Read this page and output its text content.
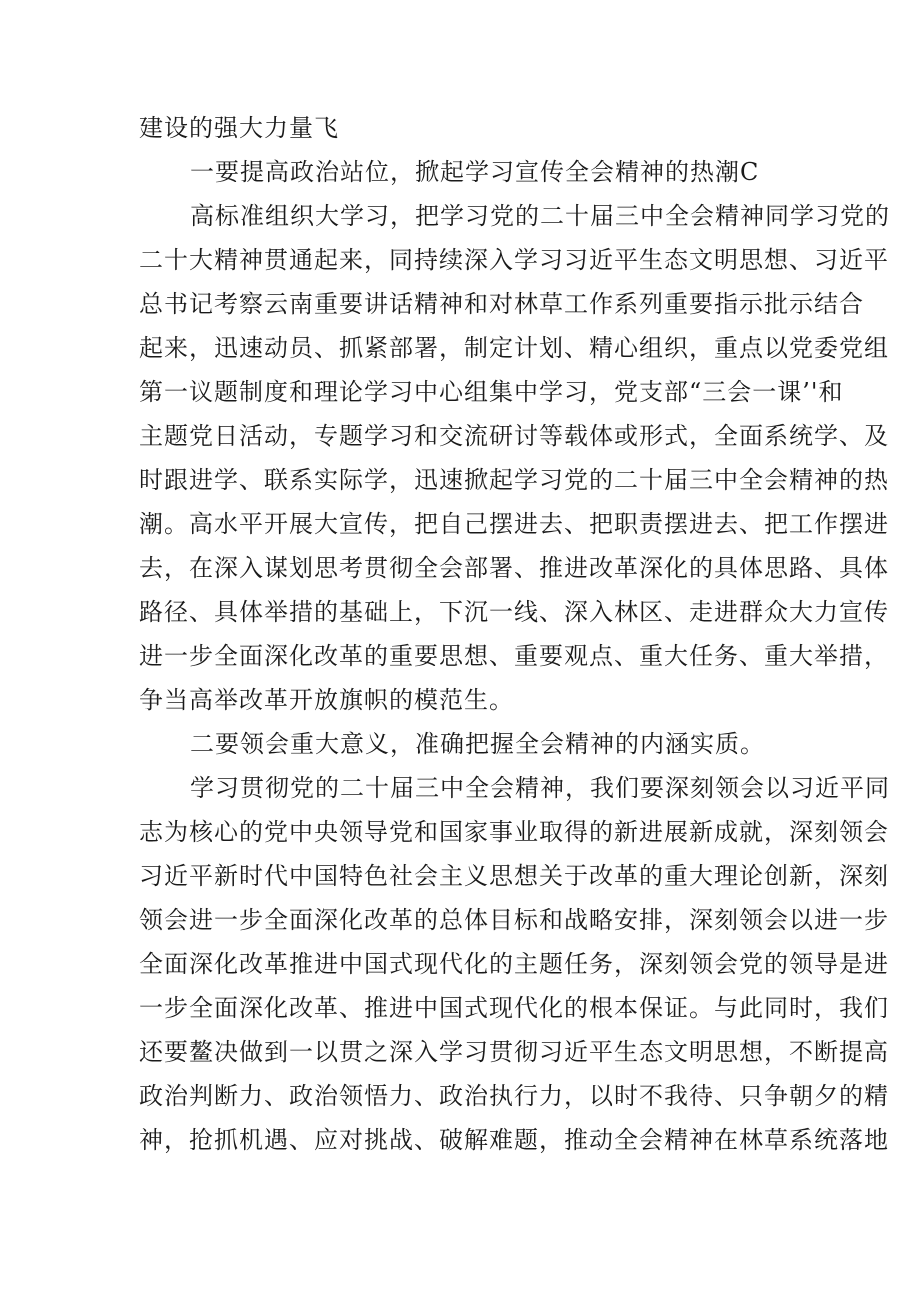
建设的强大力量飞
一要提高政治站位，掀起学习宣传全会精神的热潮C
高标准组织大学习，把学习党的二十届三中全会精神同学习党的
二十大精神贯通起来，同持续深入学习习近平生态文明思想、习近平
总书记考察云南重要讲话精神和对林草工作系列重要指示批示结合
起来，迅速动员、抓紧部署，制定计划、精心组织，重点以党委党组
第一议题制度和理论学习中心组集中学习，党支部“三会一课’'和
主题党日活动，专题学习和交流研讨等载体或形式，全面系统学、及
时跟进学、联系实际学，迅速掀起学习党的二十届三中全会精神的热
潮。高水平开展大宣传，把自己摆进去、把职责摆进去、把工作摆进
去，在深入谋划思考贯彻全会部署、推进改革深化的具体思路、具体
路径、具体举措的基础上，下沉一线、深入林区、走进群众大力宣传
进一步全面深化改革的重要思想、重要观点、重大任务、重大举措，
争当高举改革开放旗帜的模范生。
二要领会重大意义，准确把握全会精神的内涵实质。
学习贯彻党的二十届三中全会精神，我们要深刻领会以习近平同
志为核心的党中央领导党和国家事业取得的新进展新成就，深刻领会
习近平新时代中国特色社会主义思想关于改革的重大理论创新，深刻
领会进一步全面深化改革的总体目标和战略安排，深刻领会以进一步
全面深化改革推进中国式现代化的主题任务，深刻领会党的领导是进
一步全面深化改革、推进中国式现代化的根本保证。与此同时，我们
还要鳌决做到一以贯之深入学习贯彻习近平生态文明思想，不断提高
政治判断力、政治领悟力、政治执行力，以时不我待、只争朝夕的精
神，抢抓机遇、应对挑战、破解难题，推动全会精神在林草系统落地
